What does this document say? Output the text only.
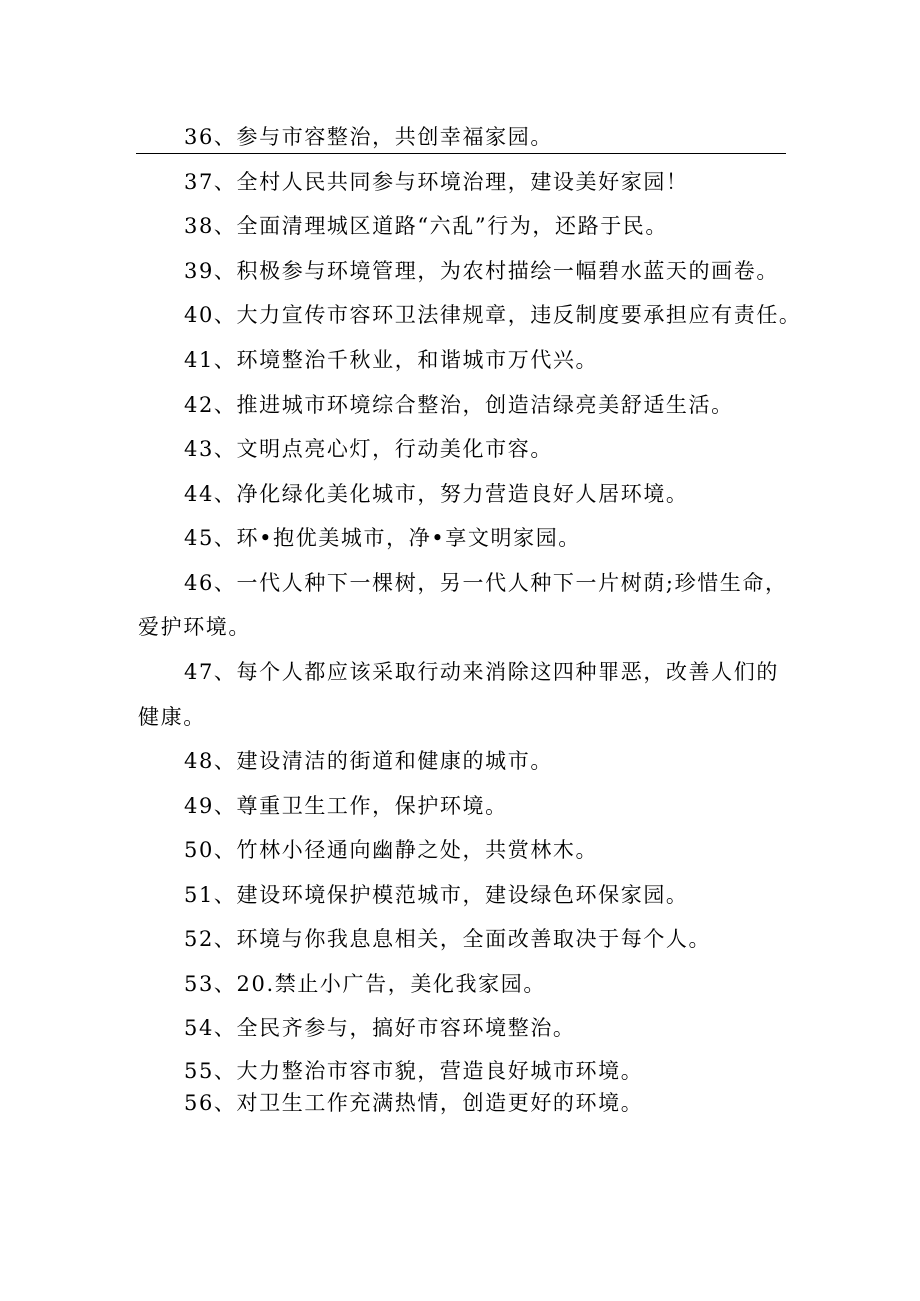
36、参与市容整治，共创幸福家园。
37、全村人民共同参与环境治理，建设美好家园！
38、全面清理城区道路“六乱”行为，还路于民。
39、积极参与环境管理，为农村描绘一幅碧水蓝天的画卷。
40、大力宣传市容环卫法律规章，违反制度要承担应有责任。
41、环境整治千秋业，和谐城市万代兴。
42、推进城市环境综合整治，创造洁绿亮美舒适生活。
43、文明点亮心灯，行动美化市容。
44、净化绿化美化城市，努力营造良好人居环境。
45、环•抱优美城市，净•享文明家园。
46、一代人种下一棵树，另一代人种下一片树荫;珍惜生命，
爱护环境。
47、每个人都应该采取行动来消除这四种罪恶，改善人们的
健康。
48、建设清洁的街道和健康的城市。
49、尊重卫生工作，保护环境。
50、竹林小径通向幽静之处，共赏林木。
51、建设环境保护模范城市，建设绿色环保家园。
52、环境与你我息息相关，全面改善取决于每个人。
53、20.禁止小广告，美化我家园。
54、全民齐参与，搞好市容环境整治。
55、大力整治市容市貌，营造良好城市环境。
56、对卫生工作充满热情，创造更好的环境。
